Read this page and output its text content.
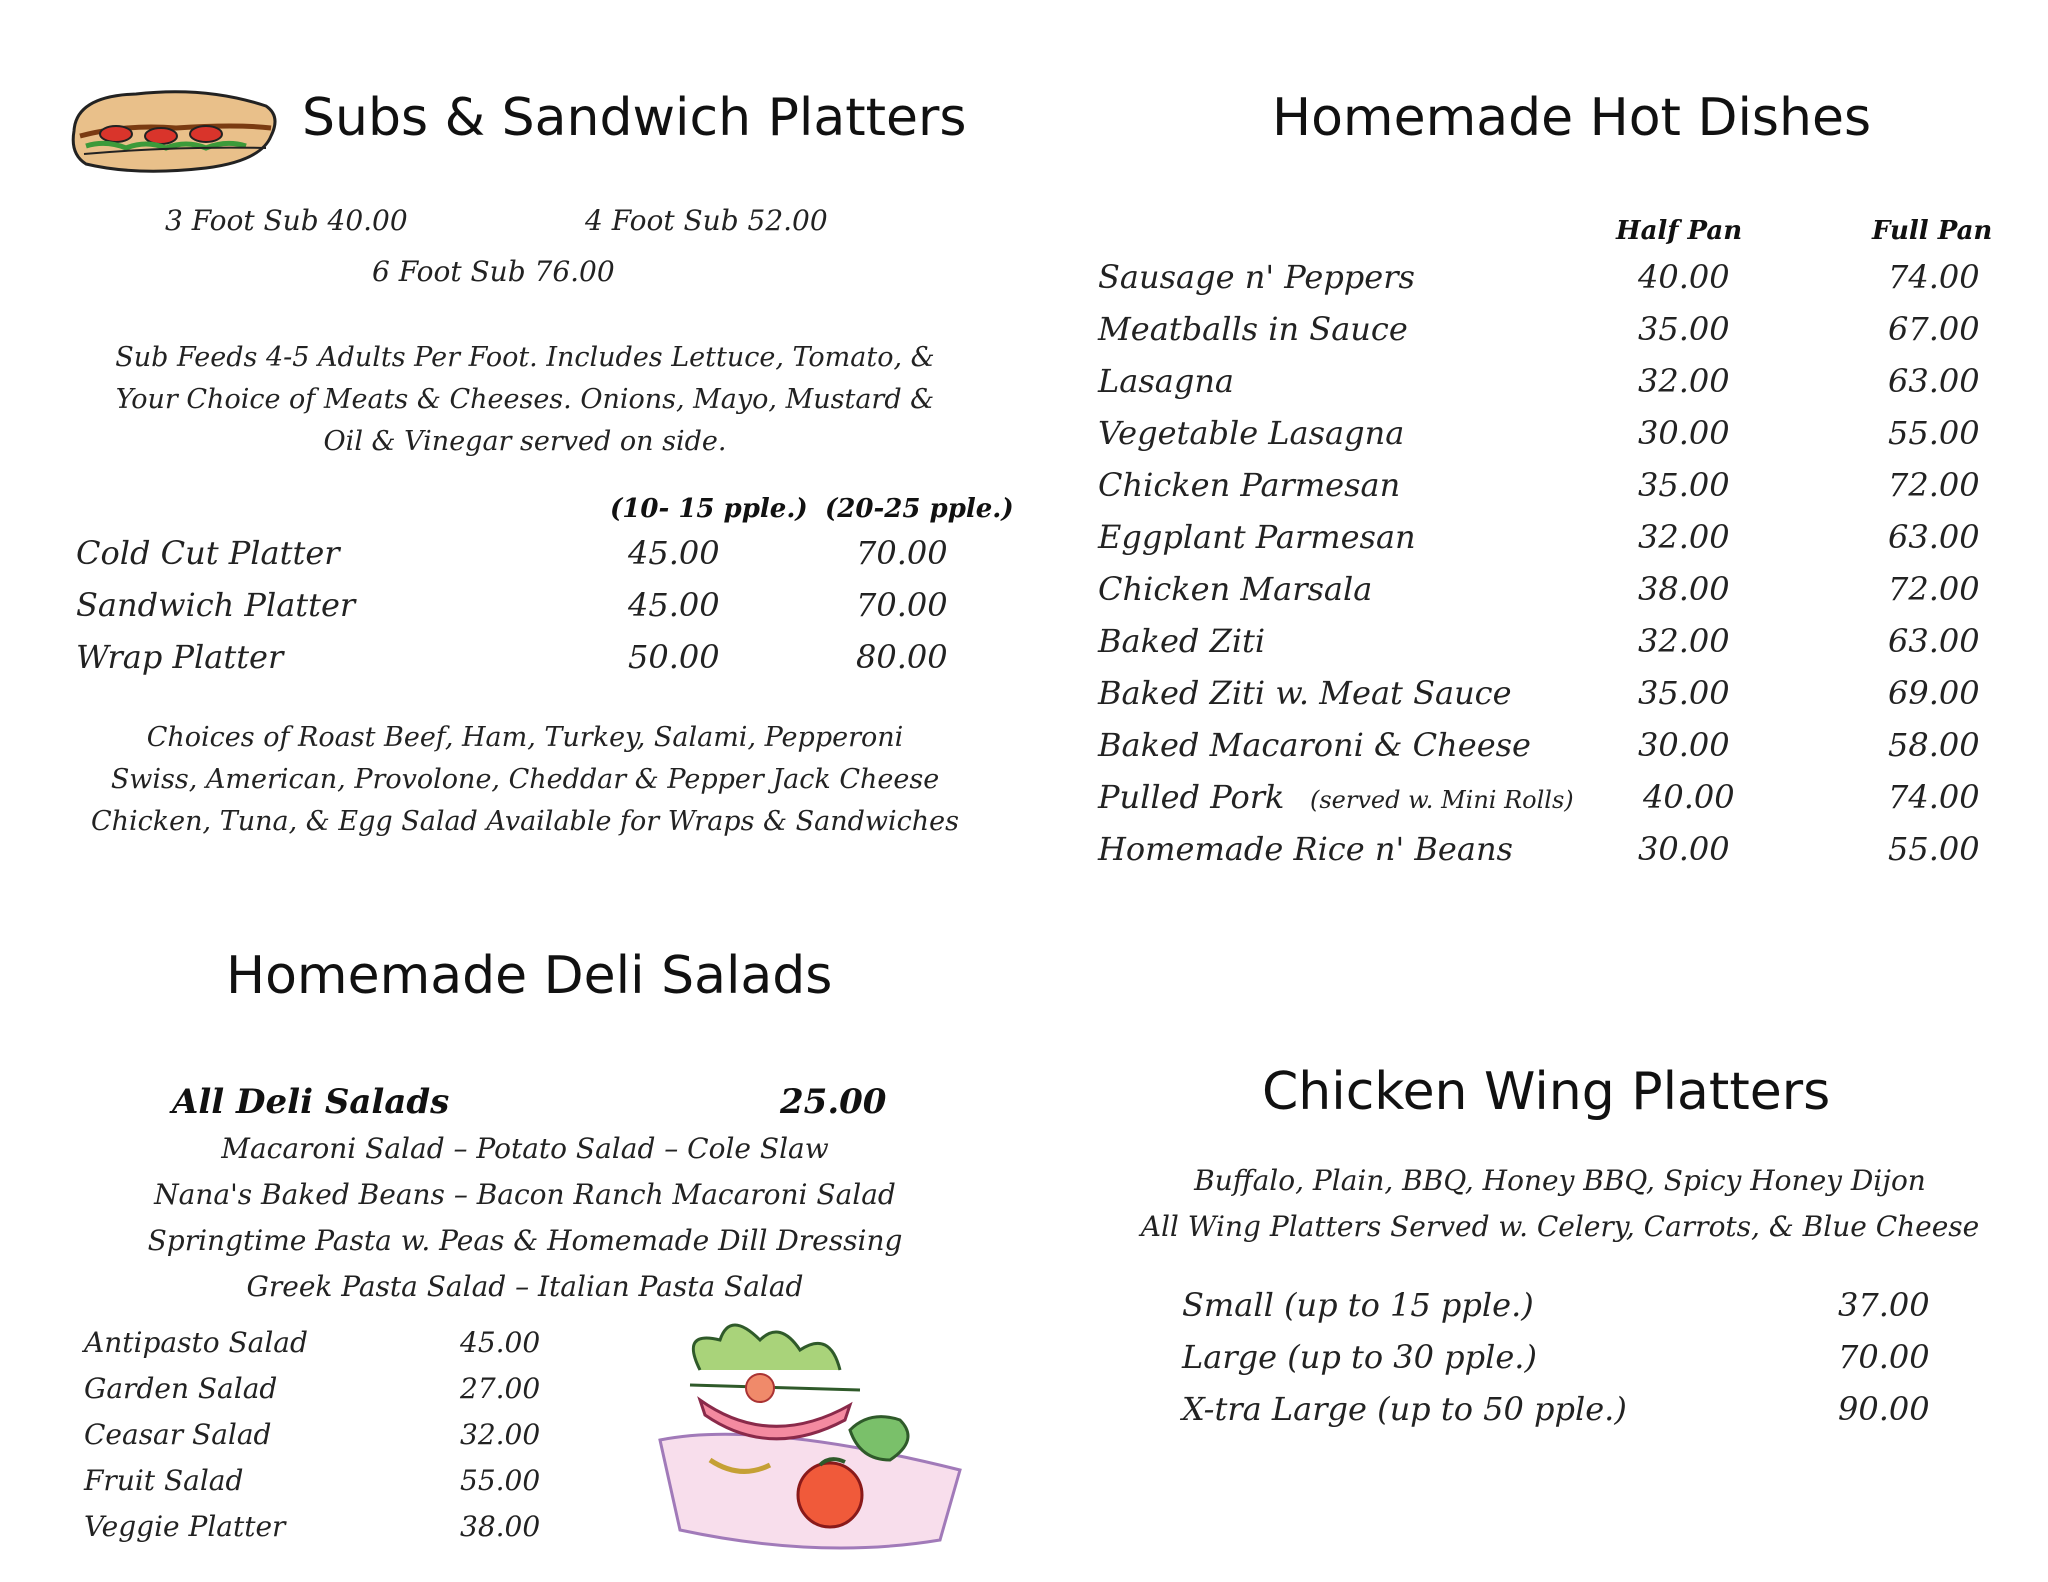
Subs & Sandwich Platters
3 Foot Sub 40.00	4 Foot Sub 52.00
6 Foot Sub 76.00
Sub Feeds 4-5 Adults Per Foot. Includes Lettuce, Tomato, &
Your Choice of Meats & Cheeses. Onions, Mayo, Mustard &
Oil & Vinegar served on side.
(10- 15 pple.) (20-25 pple.)
Cold Cut Platter	45.00	70.00
Sandwich Platter	45.00	70.00
Wrap Platter	50.00	80.00
Choices of Roast Beef, Ham, Turkey, Salami, Pepperoni
Swiss, American, Provolone, Cheddar & Pepper Jack Cheese
Chicken, Tuna, & Egg Salad Available for Wraps & Sandwiches
Homemade Hot Dishes
Half Pan	Full Pan
Sausage n' Peppers	40.00	74.00
Meatballs in Sauce	35.00	67.00
Lasagna	32.00	63.00
Vegetable Lasagna	30.00	55.00
Chicken Parmesan	35.00	72.00
Eggplant Parmesan	32.00	63.00
Chicken Marsala	38.00	72.00
Baked Ziti	32.00	63.00
Baked Ziti w. Meat Sauce	35.00	69.00
Baked Macaroni & Cheese	30.00	58.00
Pulled Pork (served w. Mini Rolls) 40.00	74.00
Homemade Rice n' Beans	30.00	55.00
Homemade Deli Salads
All Deli Salads	25.00
Macaroni Salad – Potato Salad – Cole Slaw
Nana's Baked Beans – Bacon Ranch Macaroni Salad
Springtime Pasta w. Peas & Homemade Dill Dressing
Greek Pasta Salad – Italian Pasta Salad
Antipasto Salad	45.00
Garden Salad	27.00
Ceasar Salad	32.00
Fruit Salad	55.00
Veggie Platter	38.00
Chicken Wing Platters
Buffalo, Plain, BBQ, Honey BBQ, Spicy Honey Dijon
All Wing Platters Served w. Celery, Carrots, & Blue Cheese
Small (up to 15 pple.)	37.00
Large (up to 30 pple.)	70.00
X-tra Large (up to 50 pple.)	90.00
